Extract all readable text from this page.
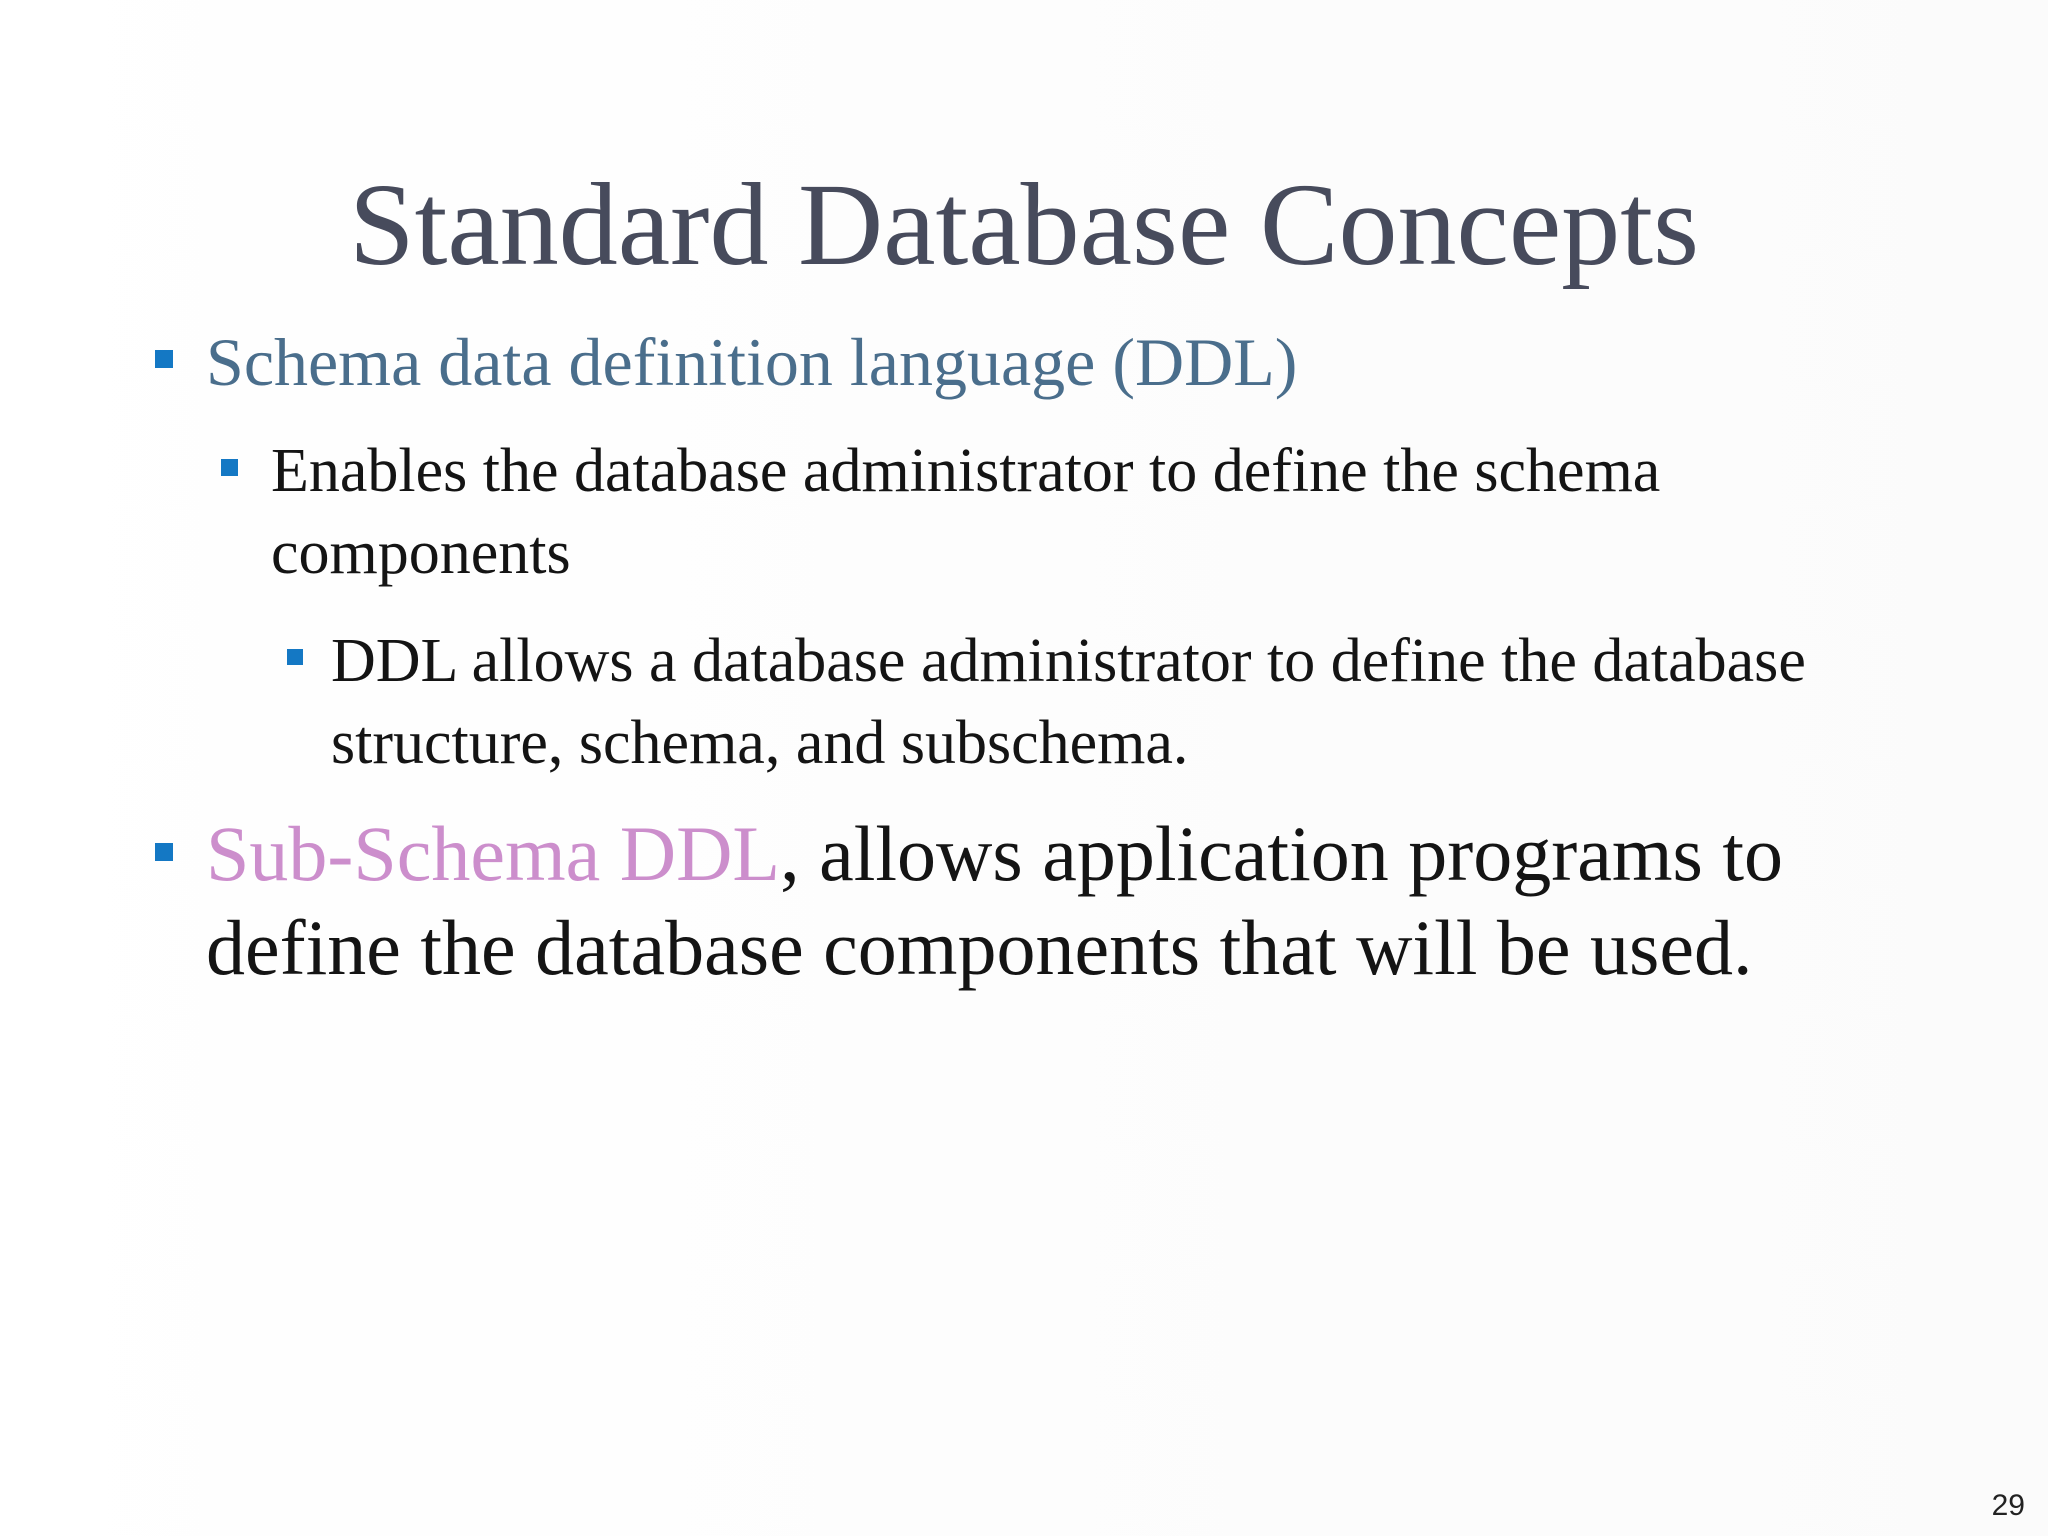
Standard Database Concepts
Schema data definition language (DDL)
Enables the database administrator to define the schema components
DDL allows a database administrator to define the database structure, schema, and subschema.
Sub-Schema DDL, allows application programs to define the database components that will be used.
29
